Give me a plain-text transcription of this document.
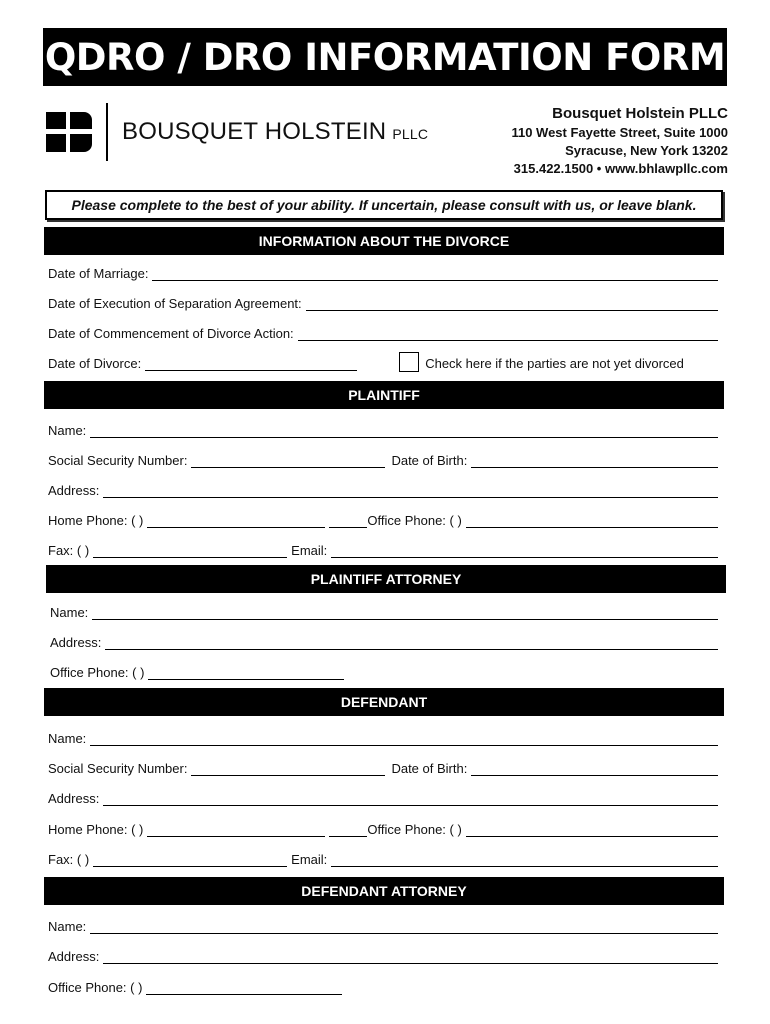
QDRO / DRO INFORMATION FORM
BOUSQUET HOLSTEIN PLLC
Bousquet Holstein PLLC
110 West Fayette Street, Suite 1000
Syracuse, New York 13202
315.422.1500 • www.bhlawpllc.com
Please complete to the best of your ability. If uncertain, please consult with us, or leave blank.
INFORMATION ABOUT THE DIVORCE
Date of Marriage:
Date of Execution of Separation Agreement:
Date of Commencement of Divorce Action:
Date of Divorce:	Check here if the parties are not yet divorced
PLAINTIFF
Name:
Social Security Number:	Date of Birth:
Address:
Home Phone: ( )	Office Phone: ( )
Fax: ( )	Email:
PLAINTIFF ATTORNEY
Name:
Address:
Office Phone: ( )
DEFENDANT
Name:
Social Security Number:	Date of Birth:
Address:
Home Phone: ( )	Office Phone: ( )
Fax: ( )	Email:
DEFENDANT ATTORNEY
Name:
Address:
Office Phone: ( )
